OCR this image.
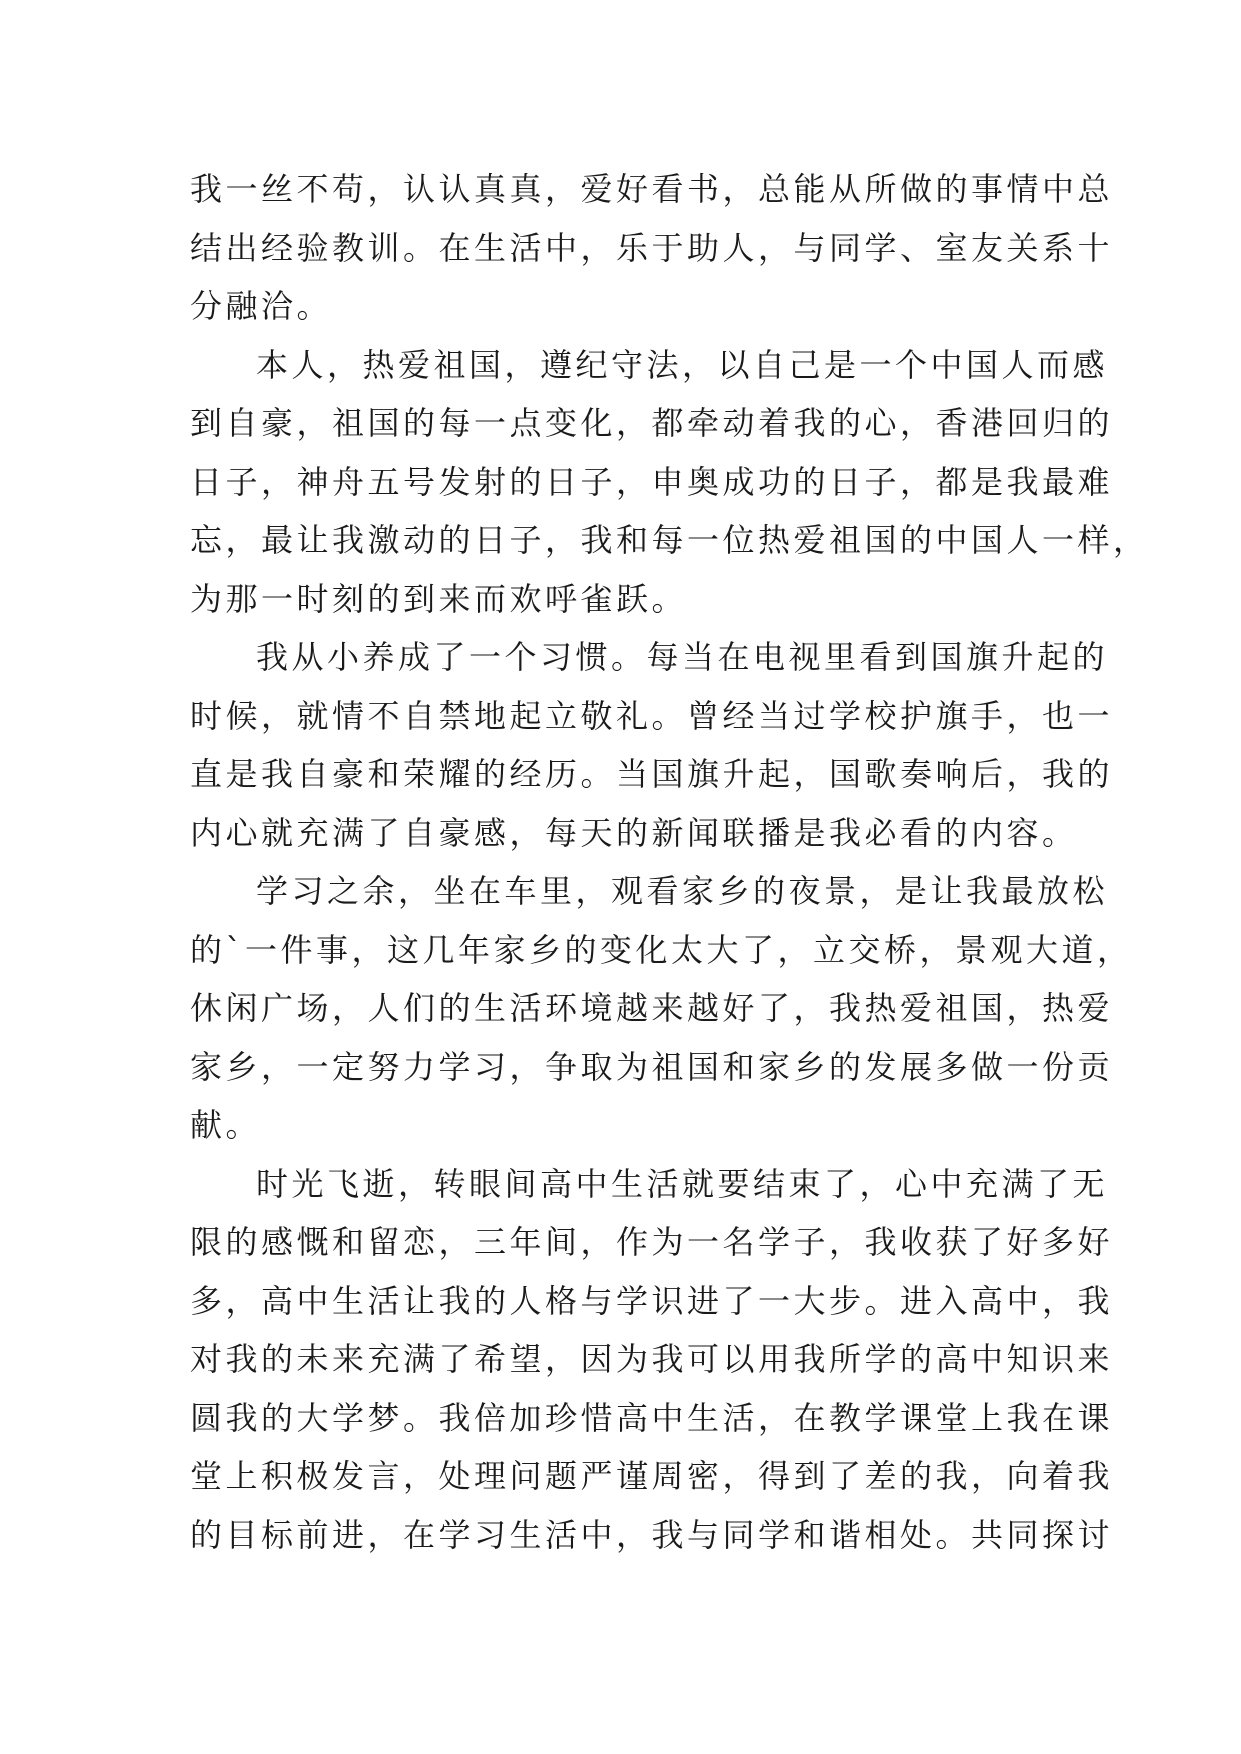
我一丝不苟，认认真真，爱好看书，总能从所做的事情中总
结出经验教训。在生活中，乐于助人，与同学、室友关系十
分融洽。
本人，热爱祖国，遵纪守法，以自己是一个中国人而感
到自豪，祖国的每一点变化，都牵动着我的心，香港回归的
日子，神舟五号发射的日子，申奥成功的日子，都是我最难
忘，最让我激动的日子，我和每一位热爱祖国的中国人一样，
为那一时刻的到来而欢呼雀跃。
我从小养成了一个习惯。每当在电视里看到国旗升起的
时候，就情不自禁地起立敬礼。曾经当过学校护旗手，也一
直是我自豪和荣耀的经历。当国旗升起，国歌奏响后，我的
内心就充满了自豪感，每天的新闻联播是我必看的内容。
学习之余，坐在车里，观看家乡的夜景，是让我最放松
的`一件事，这几年家乡的变化太大了，立交桥，景观大道，
休闲广场，人们的生活环境越来越好了，我热爱祖国，热爱
家乡，一定努力学习，争取为祖国和家乡的发展多做一份贡
献。
时光飞逝，转眼间高中生活就要结束了，心中充满了无
限的感慨和留恋，三年间，作为一名学子，我收获了好多好
多，高中生活让我的人格与学识进了一大步。进入高中，我
对我的未来充满了希望，因为我可以用我所学的高中知识来
圆我的大学梦。我倍加珍惜高中生活，在教学课堂上我在课
堂上积极发言，处理问题严谨周密，得到了差的我，向着我
的目标前进，在学习生活中，我与同学和谐相处。共同探讨
